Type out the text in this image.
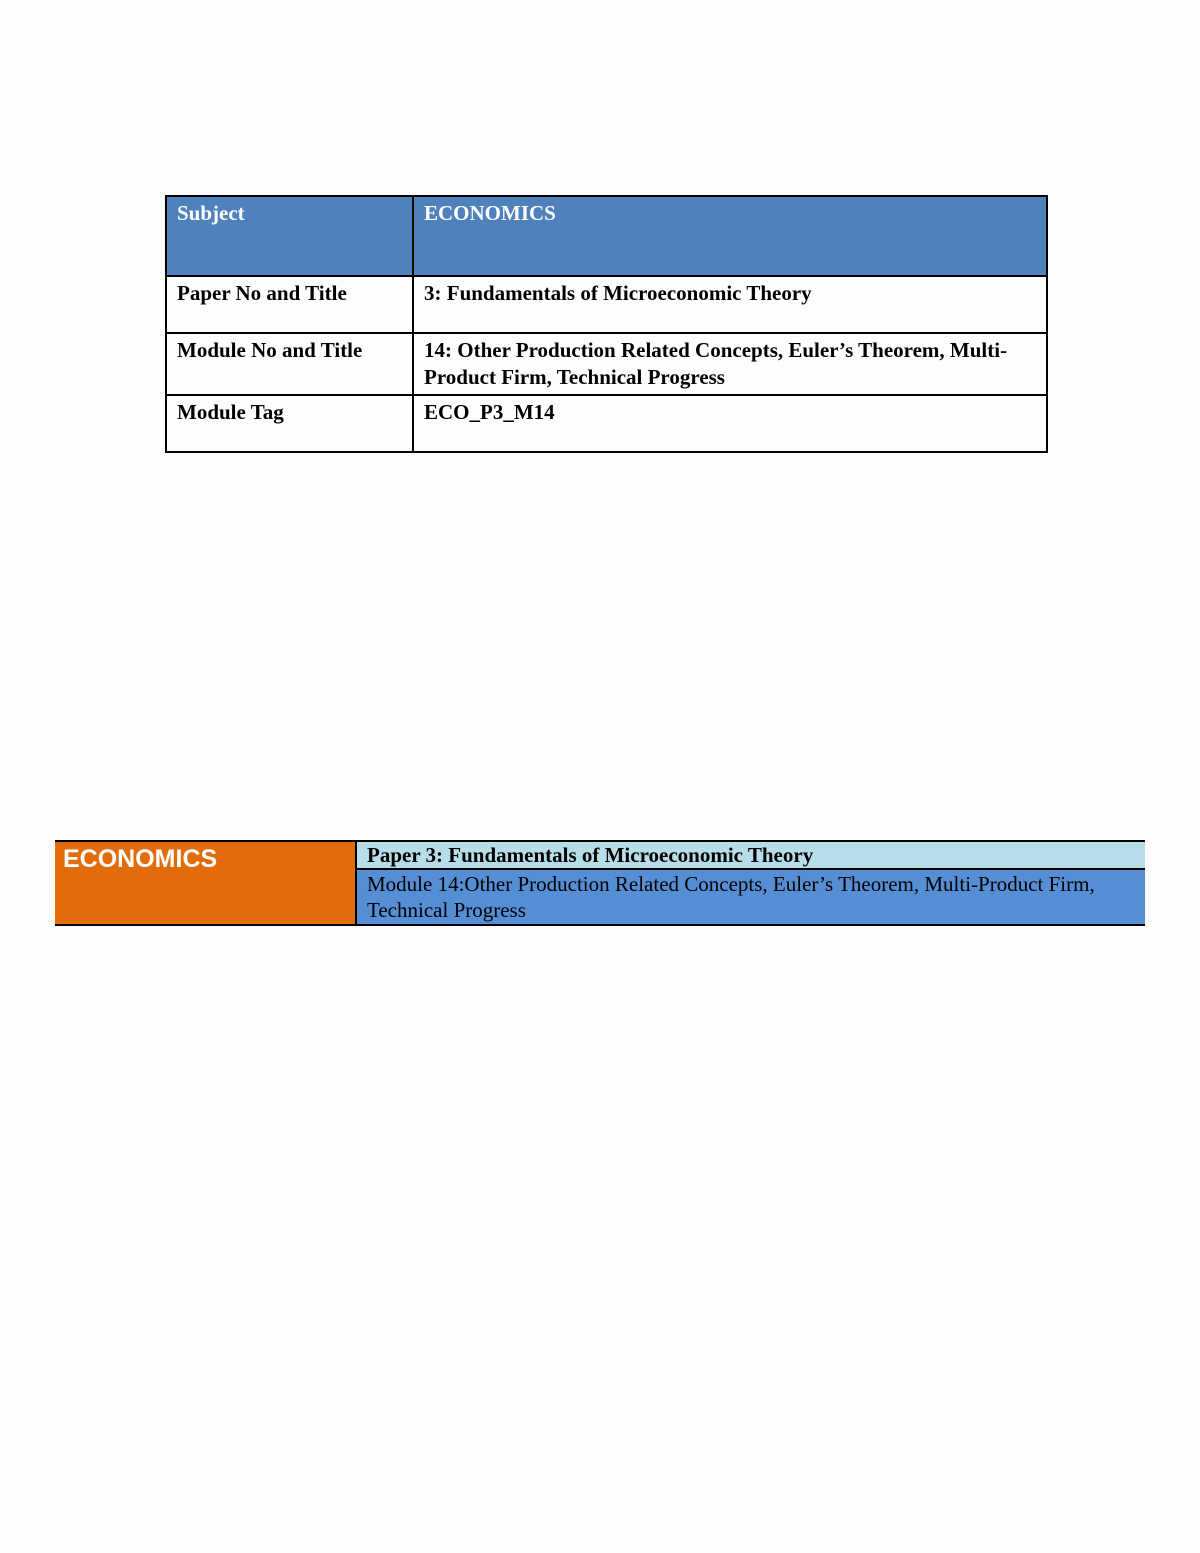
Subject	ECONOMICS
Paper No and Title	3: Fundamentals of Microeconomic Theory
Module No and Title	14: Other Production Related Concepts, Euler’s Theorem, Multi-Product Firm, Technical Progress
Module Tag	ECO_P3_M14
ECONOMICS	Paper 3: Fundamentals of Microeconomic Theory
Module 14:Other Production Related Concepts, Euler’s Theorem, Multi-Product Firm, Technical Progress
